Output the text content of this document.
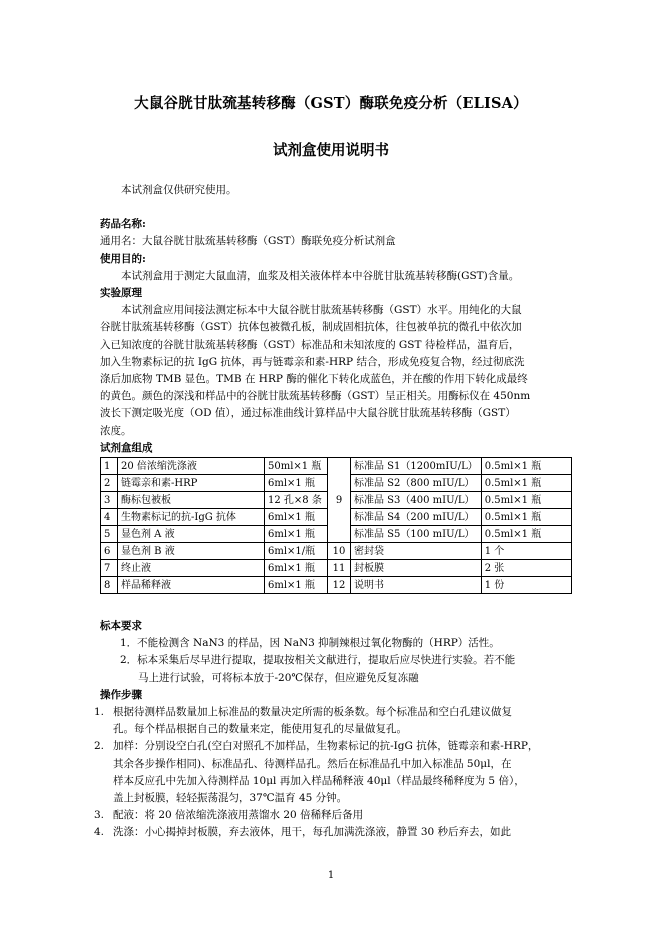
大鼠谷胱甘肽巯基转移酶（GST）酶联免疫分析（ELISA）
试剂盒使用说明书

本试剂盒仅供研究使用。

药品名称:

通用名：大鼠谷胱甘肽巯基转移酶（GST）酶联免疫分析试剂盒

使用目的:

本试剂盒用于测定大鼠血清，血浆及相关液体样本中谷胱甘肽巯基转移酶(GST)含量。

实验原理

本试剂盒应用间接法测定标本中大鼠谷胱甘肽巯基转移酶（GST）水平。用纯化的大鼠

谷胱甘肽巯基转移酶（GST）抗体包被微孔板，制成固相抗体，往包被单抗的微孔中依次加

入已知浓度的谷胱甘肽巯基转移酶（GST）标准品和未知浓度的 GST 待检样品，温育后，

加入生物素标记的抗 IgG 抗体，再与链霉亲和素-HRP 结合，形成免疫复合物，经过彻底洗

涤后加底物 TMB 显色。TMB 在 HRP 酶的催化下转化成蓝色，并在酸的作用下转化成最终

的黄色。颜色的深浅和样品中的谷胱甘肽巯基转移酶（GST）呈正相关。用酶标仪在 450nm

波长下测定吸光度（OD 值），通过标准曲线计算样品中大鼠谷胱甘肽巯基转移酶（GST）

浓度。

试剂盒组成

1	20 倍浓缩洗涤液	50ml×1 瓶	9	标准品 S1（1200mIU/L）	0.5ml×1 瓶
2	链霉亲和素-HRP	6ml×1 瓶		标准品 S2（800 mIU/L）	0.5ml×1 瓶
3	酶标包被板	12 孔×8 条		标准品 S3（400 mIU/L）	0.5ml×1 瓶
4	生物素标记的抗-IgG 抗体	6ml×1 瓶		标准品 S4（200 mIU/L）	0.5ml×1 瓶
5	显色剂 A 液	6ml×1 瓶		标准品 S5（100 mIU/L）	0.5ml×1 瓶
6	显色剂 B 液	6ml×1/瓶	10	密封袋	1 个
7	终止液	6ml×1 瓶	11	封板膜	2 张
8	样品稀释液	6ml×1 瓶	12	说明书	1 份

标本要求

1．不能检测含 NaN3 的样品，因 NaN3 抑制辣根过氧化物酶的（HRP）活性。

2．标本采集后尽早进行提取，提取按相关文献进行，提取后应尽快进行实验。若不能

马上进行试验，可将标本放于-20℃保存，但应避免反复冻融

操作步骤

1. 根据待测样品数量加上标准品的数量决定所需的板条数。每个标准品和空白孔建议做复
孔。每个样品根据自己的数量来定，能使用复孔的尽量做复孔。
2. 加样：分别设空白孔(空白对照孔不加样品，生物素标记的抗-IgG 抗体，链霉亲和素-HRP，
其余各步操作相同)、标准品孔、待测样品孔。然后在标准品孔中加入标准品 50μl，在
样本反应孔中先加入待测样品 10μl 再加入样品稀释液 40μl（样品最终稀释度为 5 倍），
盖上封板膜，轻轻振荡混匀，37℃温育 45 分钟。
3. 配液：将 20 倍浓缩洗涤液用蒸馏水 20 倍稀释后备用
4. 洗涤：小心揭掉封板膜，弃去液体，甩干，每孔加满洗涤液，静置 30 秒后弃去，如此
1
